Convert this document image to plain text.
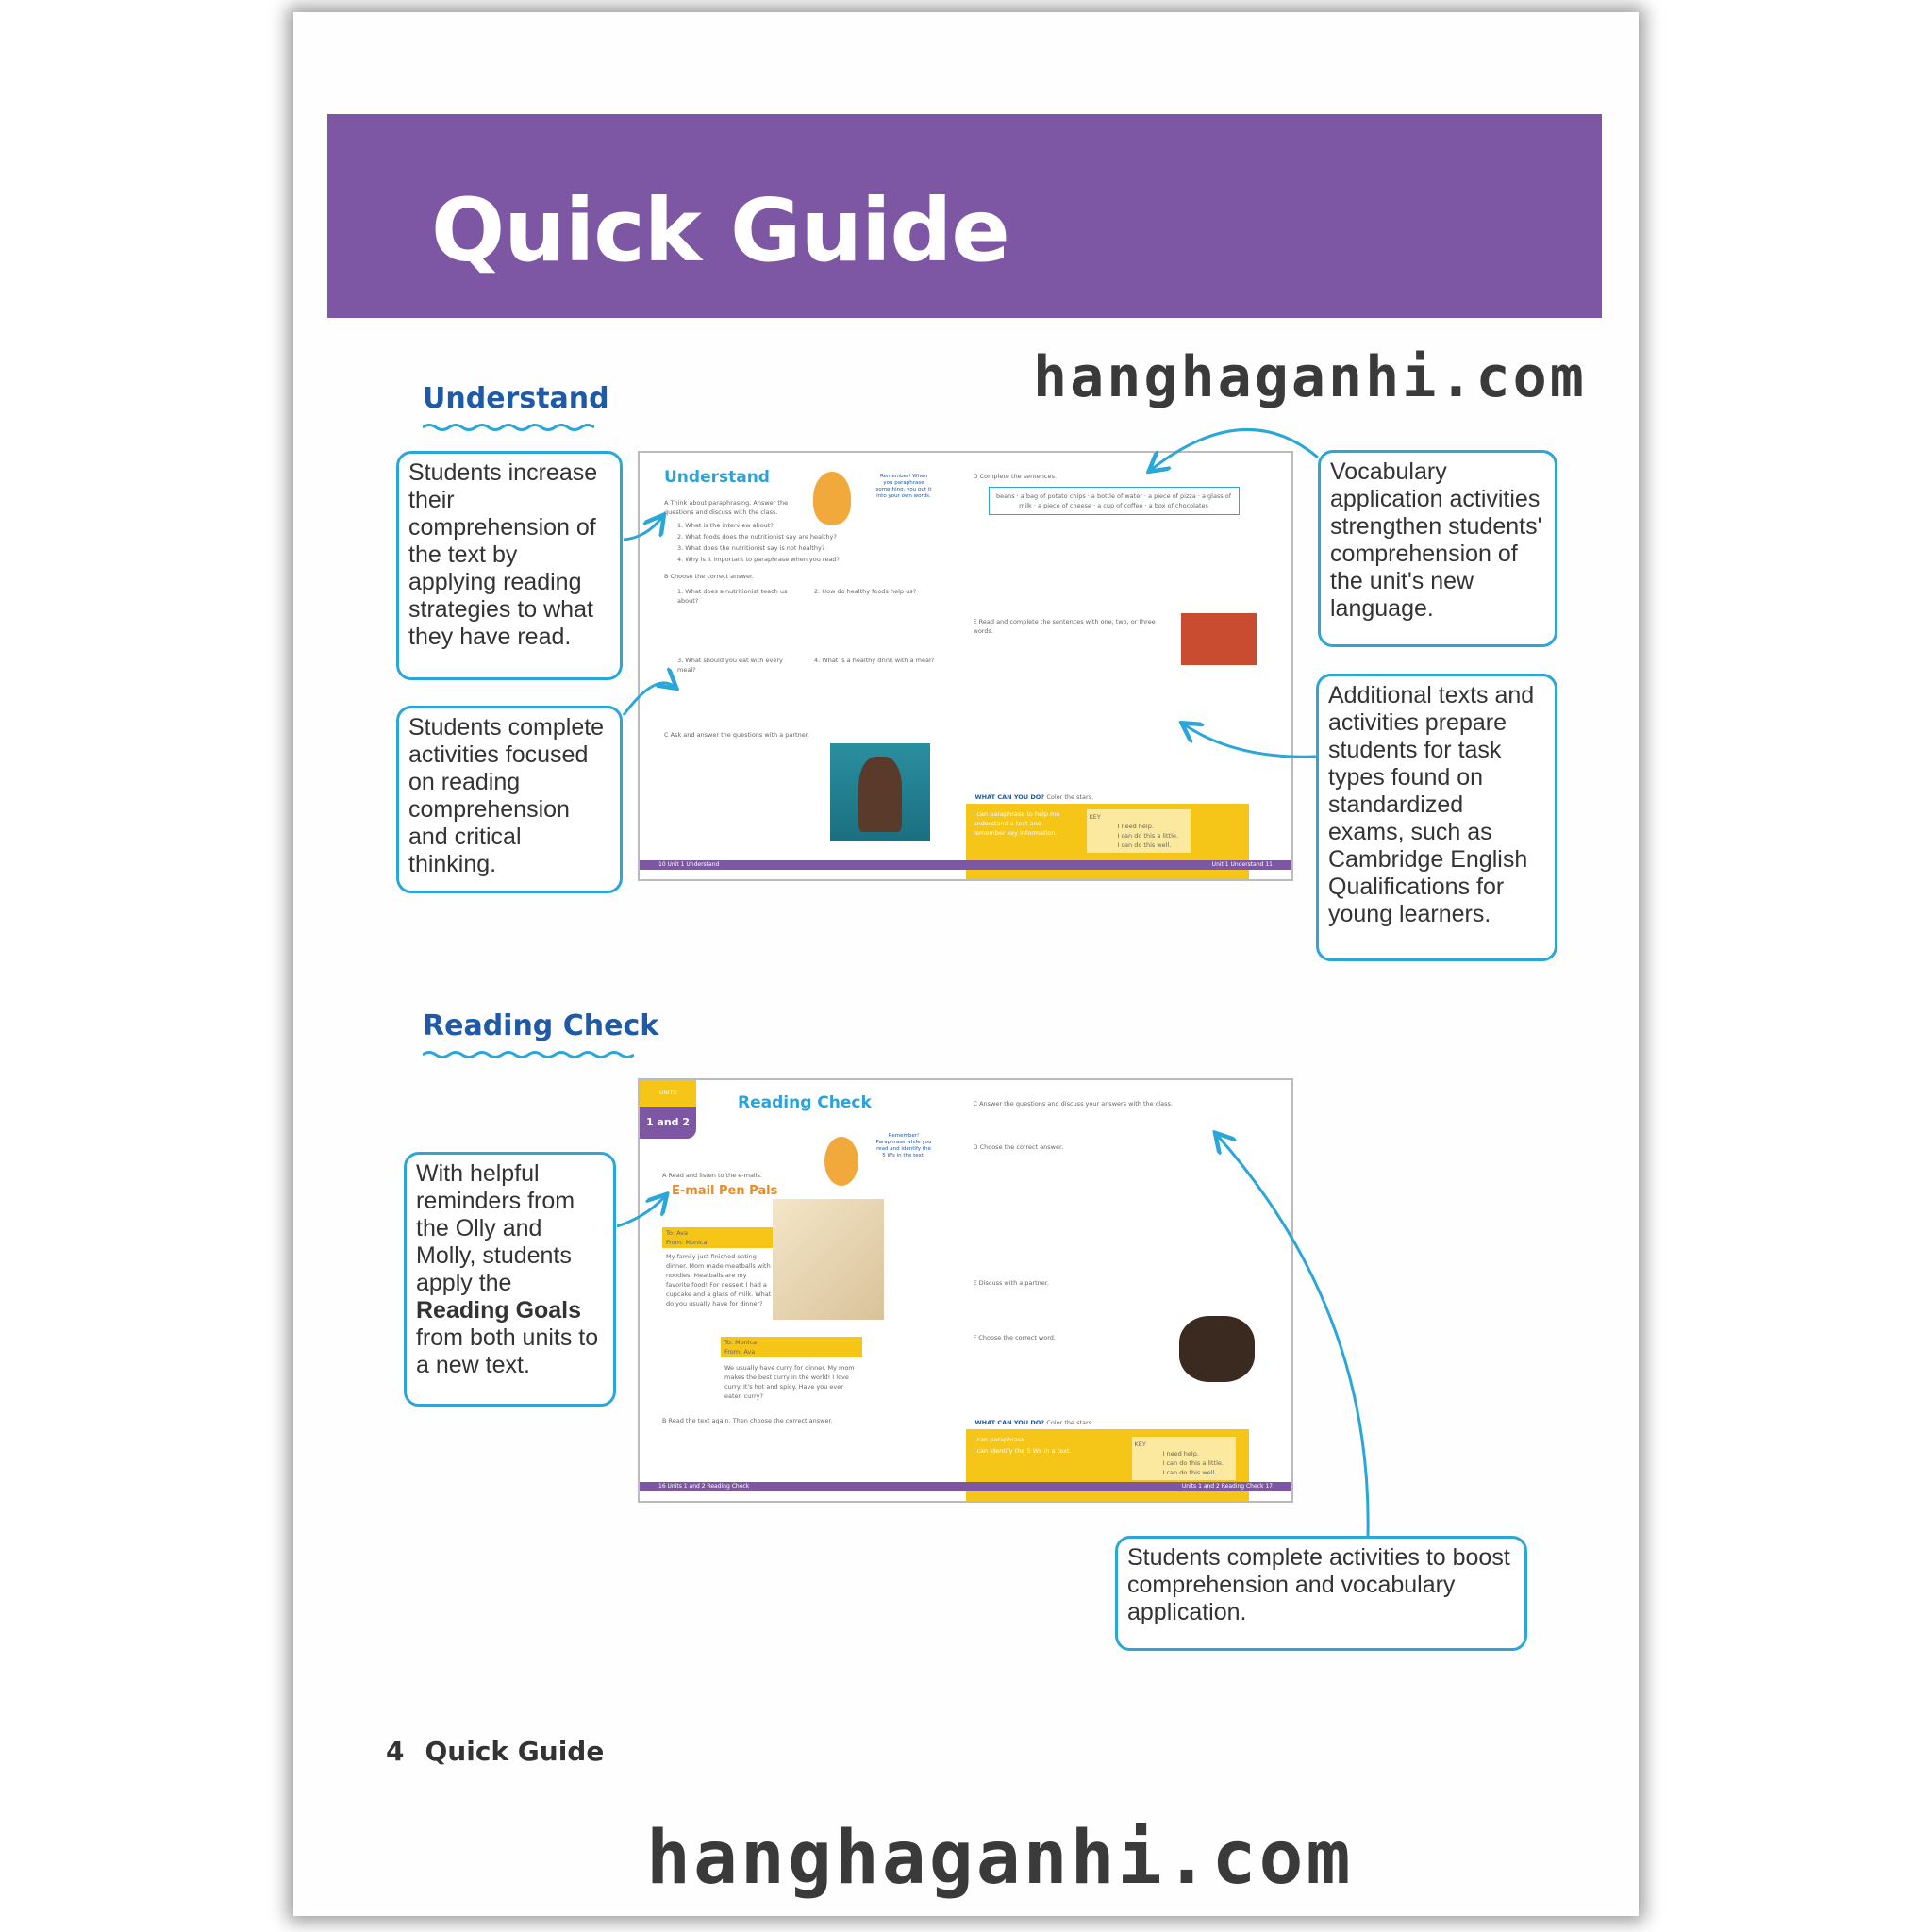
Quick Guide
hanghaganhi.com
hanghaganhi.com
Understand
Students increase their comprehension of the text by applying reading strategies to what they have read.
Students complete activities focused on reading comprehension and critical thinking.
Vocabulary application activities strengthen students' comprehension of the unit's new language.
Additional texts and activities prepare students for task types found on standardized exams, such as Cambridge English Qualifications for young learners.
Understand	Remember! When you paraphrase something, you put it into your own words.
A Think about paraphrasing. Answer the questions and discuss with the class.
1. What is the interview about?
2. What foods does the nutritionist say are healthy?
3. What does the nutritionist say is not healthy?
4. Why is it important to paraphrase when you read?
B Choose the correct answer.
1. What does a nutritionist teach us about?
2. How do healthy foods help us?
3. What should you eat with every meal?
4. What is a healthy drink with a meal?
C Ask and answer the questions with a partner.
D Complete the sentences.
beans · a bag of potato chips · a bottle of water · a piece of pizza · a glass of milk · a piece of cheese · a cup of coffee · a box of chocolates
E Read and complete the sentences with one, two, or three words.
WHAT CAN YOU DO? Color the stars.
I can paraphrase to help me understand a text and remember key information.
KEY
I need help.
I can do this a little.
I can do this well.
10 Unit 1 Understand	Unit 1 Understand 11
Reading Check
With helpful reminders from the Olly and Molly, students apply the Reading Goals from both units to a new text.
Students complete activities to boost comprehension and vocabulary application.
UNITS
1 and 2
Reading Check
Remember! Paraphrase while you read and identify the 5 Ws in the text.
A Read and listen to the e-mails.
E-mail Pen Pals
To: Ava
From: Monica
My family just finished eating dinner. Mom made meatballs with noodles. Meatballs are my favorite food! For dessert I had a cupcake and a glass of milk. What do you usually have for dinner?
To: Monica
From: Ava
We usually have curry for dinner. My mom makes the best curry in the world! I love curry. It's hot and spicy. Have you ever eaten curry?
B Read the text again. Then choose the correct answer.
C Answer the questions and discuss your answers with the class.
D Choose the correct answer.
E Discuss with a partner.
F Choose the correct word.
WHAT CAN YOU DO? Color the stars.
I can paraphrase.
I can identify the 5 Ws in a text.
KEY
I need help.
I can do this a little.
I can do this well.
16 Units 1 and 2 Reading Check	Units 1 and 2 Reading Check 17
4 Quick Guide
